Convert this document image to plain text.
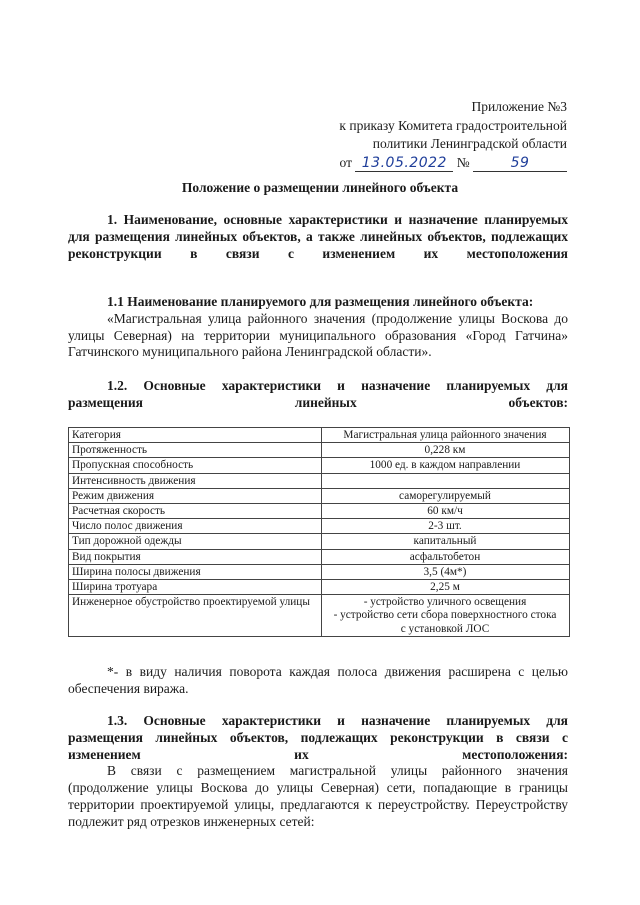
Приложение №3
к приказу Комитета градостроительной
политики Ленинградской области
от 13.05.2022 №	59
Положение о размещении линейного объекта
1. Наименование, основные характеристики и назначение планируемых для размещения линейных объектов, а также линейных объектов, подлежащих реконструкции в связи с изменением их местоположения
1.1 Наименование планируемого для размещения линейного объекта:
«Магистральная улица районного значения (продолжение улицы Воскова до улицы Северная) на территории муниципального образования «Город Гатчина» Гатчинского муниципального района Ленинградской области».
1.2. Основные характеристики и назначение планируемых для размещения линейных объектов:
Категория	Магистральная улица районного значения
Протяженность	0,228 км
Пропускная способность	1000 ед. в каждом направлении
Интенсивность движения	
Режим движения	саморегулируемый
Расчетная скорость	60 км/ч
Число полос движения	2-3 шт.
Тип дорожной одежды	капитальный
Вид покрытия	асфальтобетон
Ширина полосы движения	3,5 (4м*)
Ширина тротуара	2,25 м
Инженерное обустройство проектируемой улицы	- устройство уличного освещения
- устройство сети сбора поверхностного стока
с установкой ЛОС
*- в виду наличия поворота каждая полоса движения расширена с целью обеспечения виража.
1.3. Основные характеристики и назначение планируемых для размещения линейных объектов, подлежащих реконструкции в связи с изменением их местоположения:
В связи с размещением магистральной улицы районного значения (продолжение улицы Воскова до улицы Северная) сети, попадающие в границы территории проектируемой улицы, предлагаются к переустройству. Переустройству подлежит ряд отрезков инженерных сетей:
